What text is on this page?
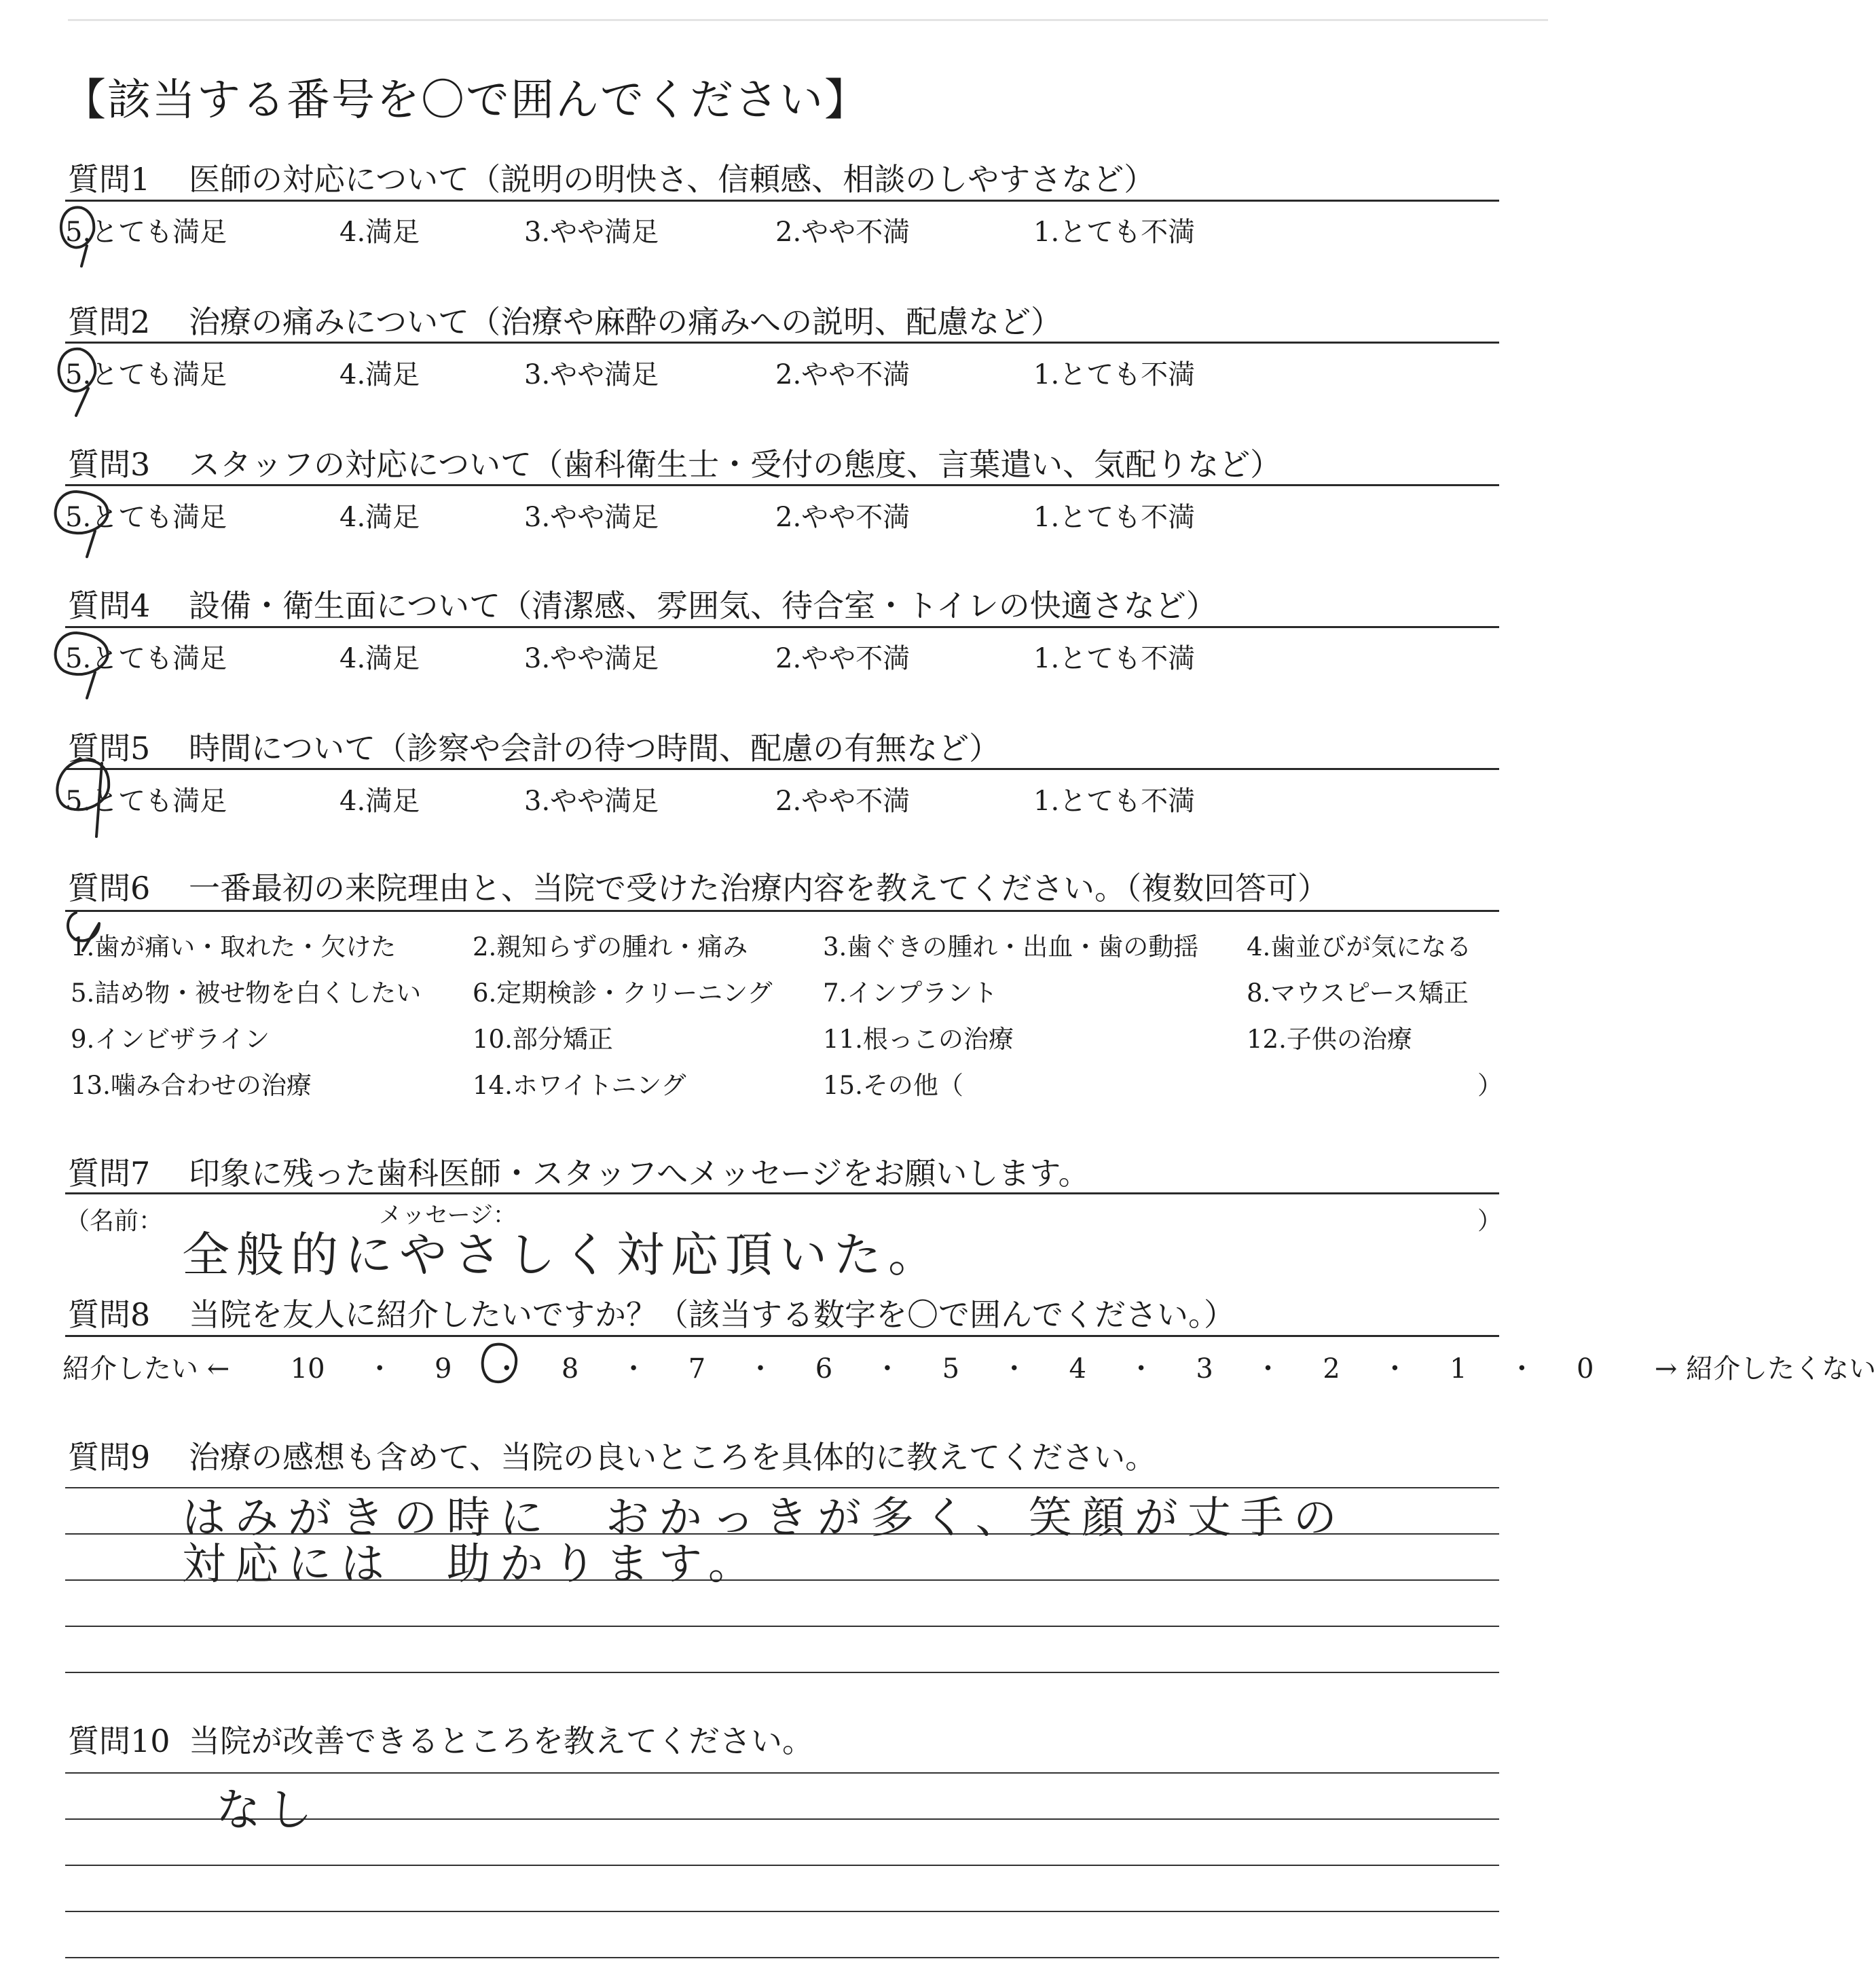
【該当する番号を〇で囲んでください】
質問1 医師の対応について（説明の明快さ、信頼感、相談のしやすさなど）
5.とても満足	4.満足	3.やや満足	2.やや不満	1.とても不満
質問2 治療の痛みについて（治療や麻酔の痛みへの説明、配慮など）
5.とても満足	4.満足	3.やや満足	2.やや不満	1.とても不満
質問3 スタッフの対応について（歯科衛生士・受付の態度、言葉遣い、気配りなど）
5.とても満足	4.満足	3.やや満足	2.やや不満	1.とても不満
質問4 設備・衛生面について（清潔感、雰囲気、待合室・トイレの快適さなど）
5.とても満足	4.満足	3.やや満足	2.やや不満	1.とても不満
質問5 時間について（診察や会計の待つ時間、配慮の有無など）
5.とても満足	4.満足	3.やや満足	2.やや不満	1.とても不満
質問6 一番最初の来院理由と、当院で受けた治療内容を教えてください。（複数回答可）
1.歯が痛い・取れた・欠けた	2.親知らずの腫れ・痛み	3.歯ぐきの腫れ・出血・歯の動揺 4.歯並びが気になる
5.詰め物・被せ物を白くしたい 6.定期検診・クリーニング 7.インプラント	8.マウスピース矯正
9.インビザライン	10.部分矯正	11.根っこの治療	12.子供の治療
13.噛み合わせの治療	14.ホワイトニング	15.その他（	）
質問7 印象に残った歯科医師・スタッフへメッセージをお願いします。
（名前：	メッセージ：	）
全般的にやさしく対応頂いた。
質問8 当院を友人に紹介したいですか？（該当する数字を〇で囲んでください。）
紹介したい ← 10 ・ 9 ・ 8 ・ 7 ・ 6 ・ 5 ・ 4 ・ 3 ・ 2 ・ 1 ・ 0 → 紹介したくない
質問9 治療の感想も含めて、当院の良いところを具体的に教えてください。
はみがきの時に　おかっきが多く、笑顔が丈手の
対応には　助かります。
質問10 当院が改善できるところを教えてください。
なし
